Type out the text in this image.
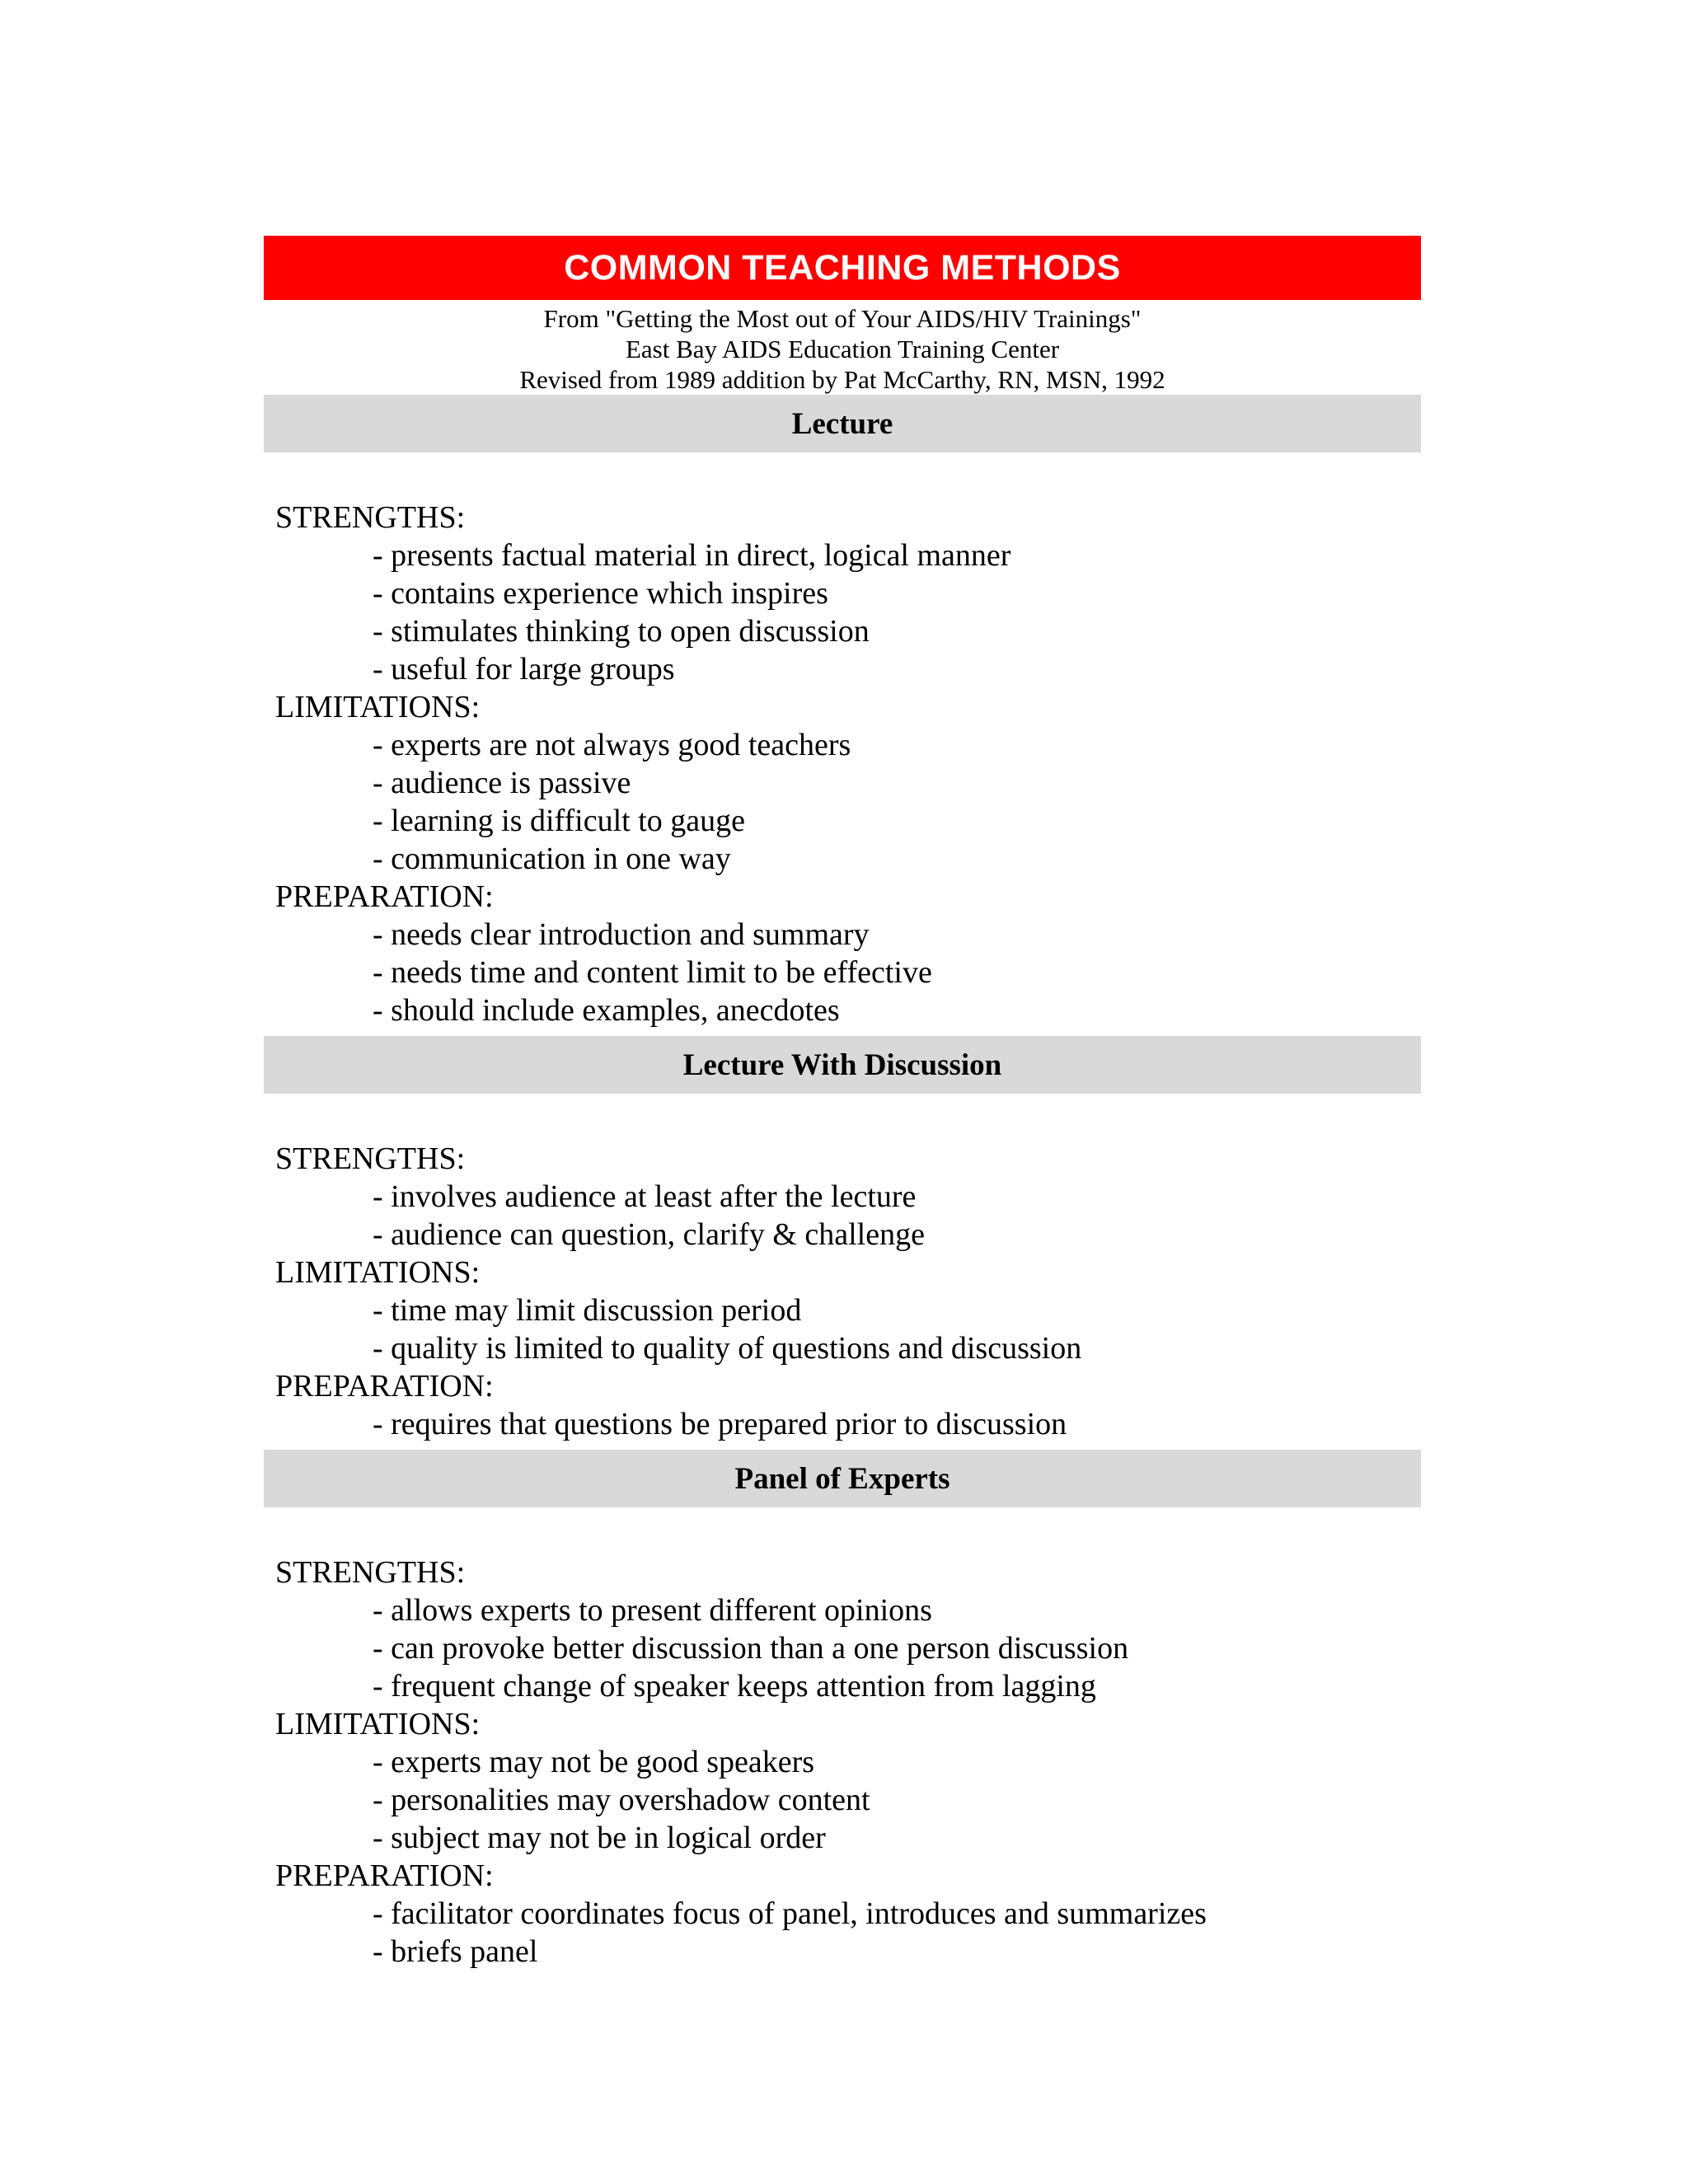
COMMON TEACHING METHODS
From "Getting the Most out of Your AIDS/HIV Trainings"
East Bay AIDS Education Training Center
Revised from 1989 addition by Pat McCarthy, RN, MSN, 1992
Lecture
STRENGTHS:
- presents factual material in direct, logical manner
- contains experience which inspires
- stimulates thinking to open discussion
- useful for large groups
LIMITATIONS:
- experts are not always good teachers
- audience is passive
- learning is difficult to gauge
- communication in one way
PREPARATION:
- needs clear introduction and summary
- needs time and content limit to be effective
- should include examples, anecdotes
Lecture With Discussion
STRENGTHS:
- involves audience at least after the lecture
- audience can question, clarify & challenge
LIMITATIONS:
- time may limit discussion period
- quality is limited to quality of questions and discussion
PREPARATION:
- requires that questions be prepared prior to discussion
Panel of Experts
STRENGTHS:
- allows experts to present different opinions
- can provoke better discussion than a one person discussion
- frequent change of speaker keeps attention from lagging
LIMITATIONS:
- experts may not be good speakers
- personalities may overshadow content
- subject may not be in logical order
PREPARATION:
- facilitator coordinates focus of panel, introduces and summarizes
- briefs panel
